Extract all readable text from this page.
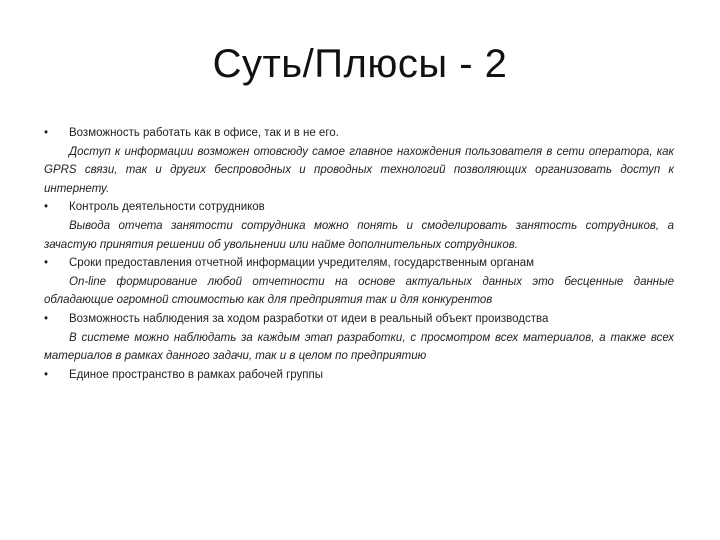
Суть/Плюсы - 2
•	Возможность работать как в офисе, так и в не его.
Доступ к информации возможен отовсюду самое главное нахождения пользователя в сети оператора, как GPRS связи, так и других беспроводных и проводных технологий позволяющих организовать доступ к интернету.
•	Контроль деятельности сотрудников
Вывода отчета занятости сотрудника можно понять и смоделировать занятость сотрудников, а зачастую принятия решении об увольнении или найме дополнительных сотрудников.
•	Сроки предоставления отчетной информации учредителям, государственным органам
On-line формирование любой отчетности на основе актуальных данных это бесценные данные обладающие огромной стоимостью как для предприятия так и для конкурентов
•	Возможность наблюдения за ходом разработки от идеи в реальный объект производства
В системе можно наблюдать за каждым этап разработки, с просмотром всех материалов, а также всех материалов в рамках данного задачи, так и в целом по предприятию
•	Единое пространство в рамках рабочей группы
